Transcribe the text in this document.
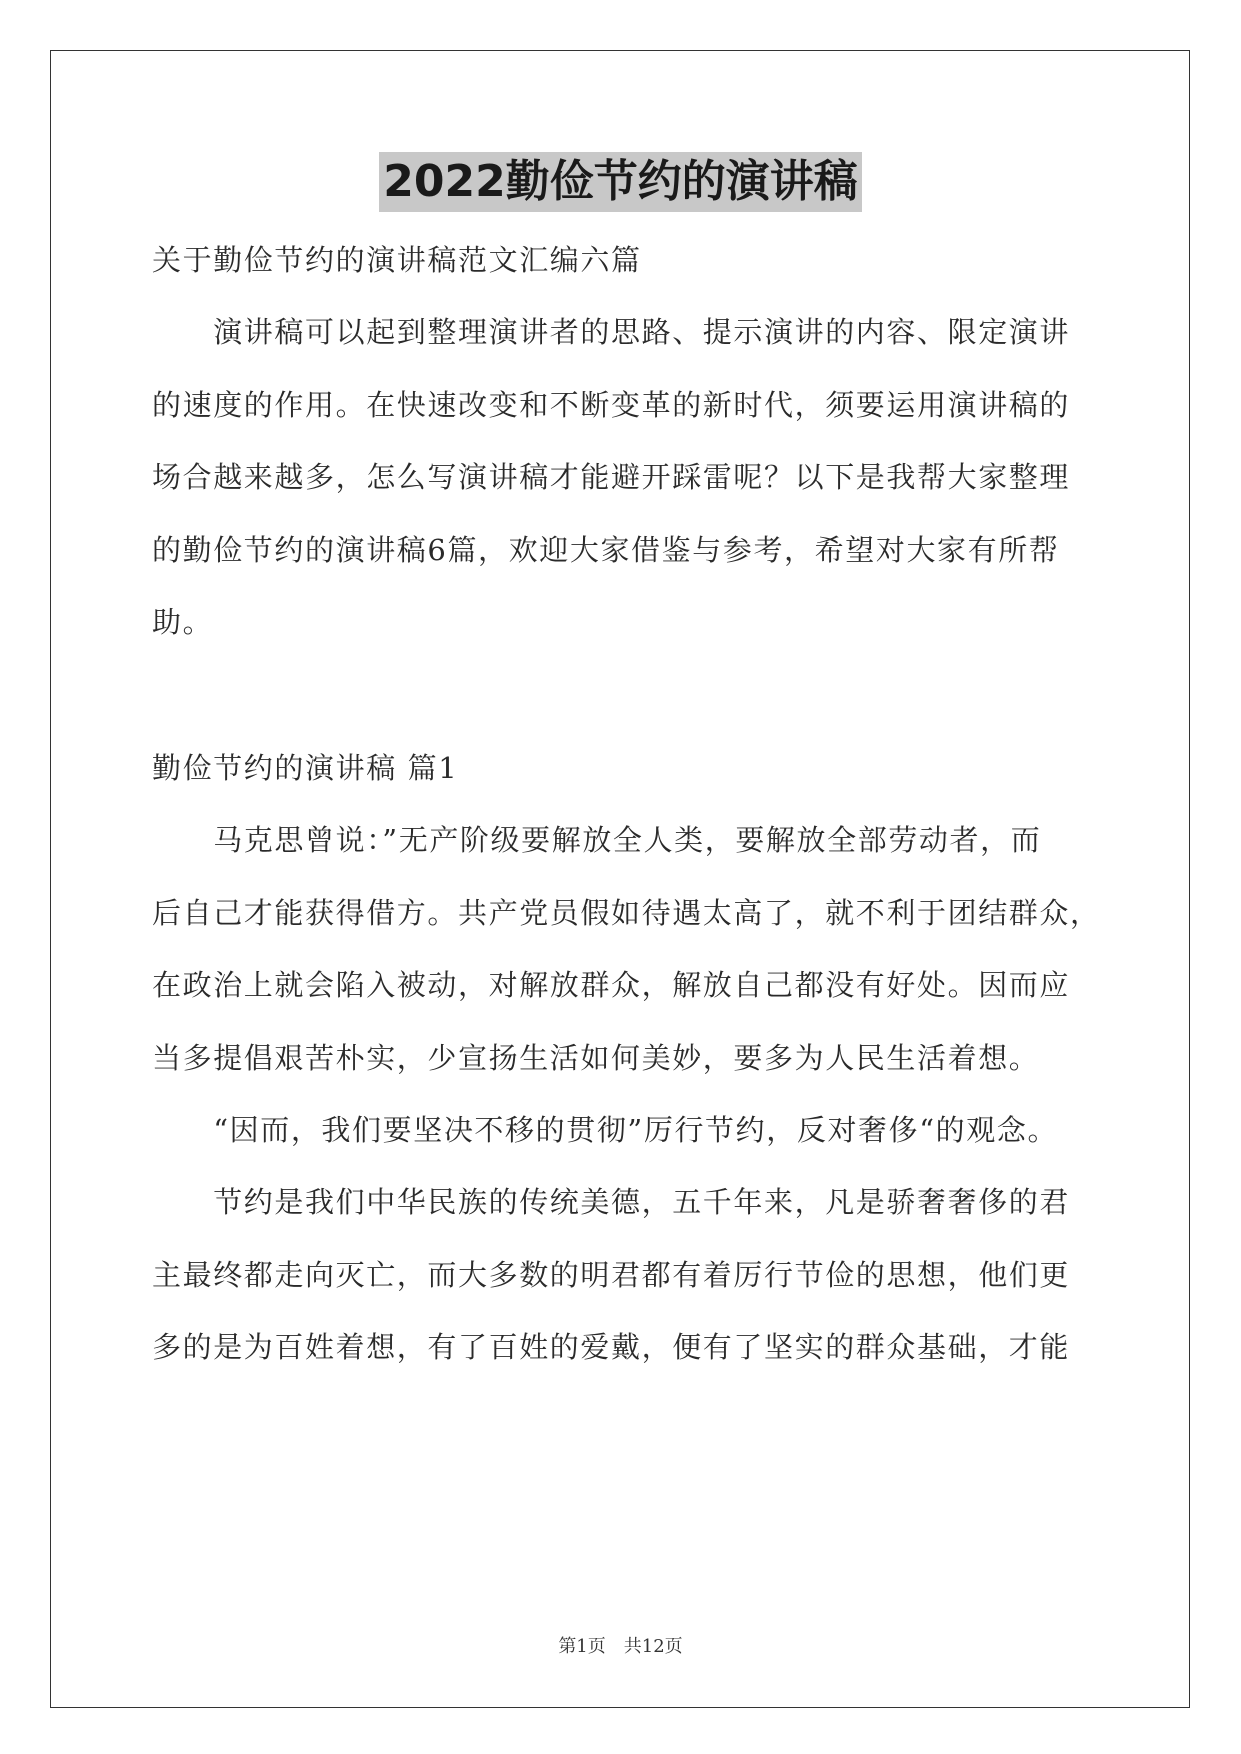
2022勤俭节约的演讲稿
关于勤俭节约的演讲稿范文汇编六篇
　　演讲稿可以起到整理演讲者的思路、提示演讲的内容、限定演讲
的速度的作用。在快速改变和不断变革的新时代，须要运用演讲稿的
场合越来越多，怎么写演讲稿才能避开踩雷呢？以下是我帮大家整理
的勤俭节约的演讲稿6篇，欢迎大家借鉴与参考，希望对大家有所帮
助。
勤俭节约的演讲稿 篇1
　　马克思曾说：”无产阶级要解放全人类，要解放全部劳动者，而
后自己才能获得借方。共产党员假如待遇太高了，就不利于团结群众，
在政治上就会陷入被动，对解放群众，解放自己都没有好处。因而应
当多提倡艰苦朴实，少宣扬生活如何美妙，要多为人民生活着想。
　　“因而，我们要坚决不移的贯彻”厉行节约，反对奢侈“的观念。
　　节约是我们中华民族的传统美德，五千年来，凡是骄奢奢侈的君
主最终都走向灭亡，而大多数的明君都有着厉行节俭的思想，他们更
多的是为百姓着想，有了百姓的爱戴，便有了坚实的群众基础，才能
第1页　共12页
